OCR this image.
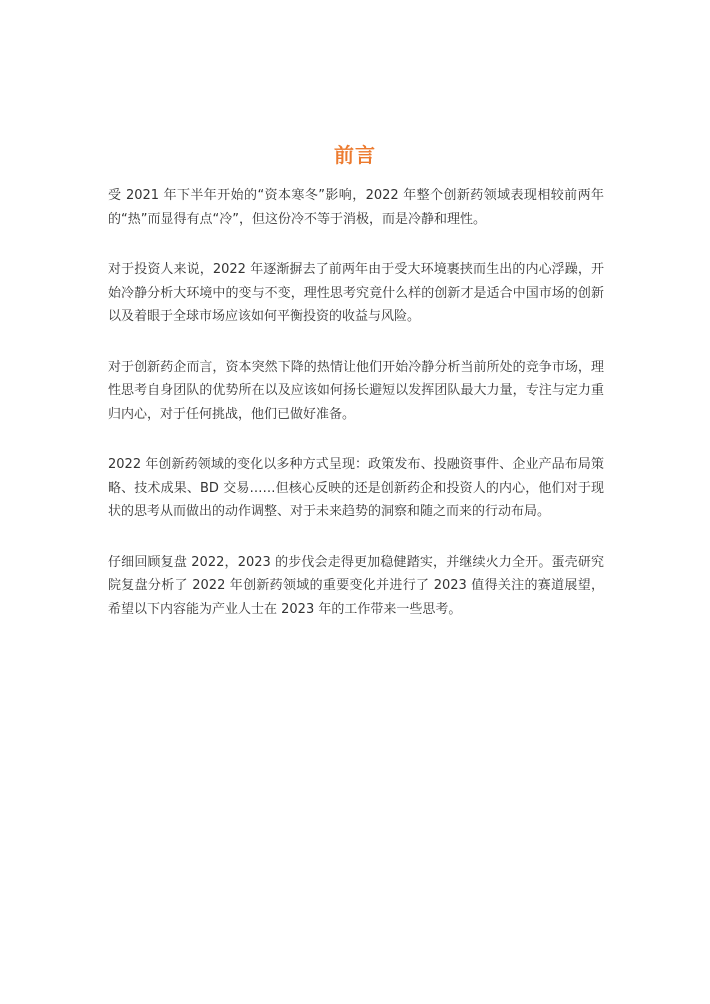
前言

受 2021 年下半年开始的“资本寒冬”影响，2022 年整个创新药领域表现相较前两年的“热”而显得有点“冷”，但这份冷不等于消极，而是冷静和理性。

对于投资人来说，2022 年逐渐摒去了前两年由于受大环境裹挟而生出的内心浮躁，开始冷静分析大环境中的变与不变，理性思考究竟什么样的创新才是适合中国市场的创新以及着眼于全球市场应该如何平衡投资的收益与风险。

对于创新药企而言，资本突然下降的热情让他们开始冷静分析当前所处的竞争市场，理性思考自身团队的优势所在以及应该如何扬长避短以发挥团队最大力量，专注与定力重归内心，对于任何挑战，他们已做好准备。

2022 年创新药领域的变化以多种方式呈现：政策发布、投融资事件、企业产品布局策略、技术成果、BD 交易……但核心反映的还是创新药企和投资人的内心，他们对于现状的思考从而做出的动作调整、对于未来趋势的洞察和随之而来的行动布局。

仔细回顾复盘 2022，2023 的步伐会走得更加稳健踏实，并继续火力全开。蛋壳研究院复盘分析了 2022 年创新药领域的重要变化并进行了 2023 值得关注的赛道展望，希望以下内容能为产业人士在 2023 年的工作带来一些思考。
